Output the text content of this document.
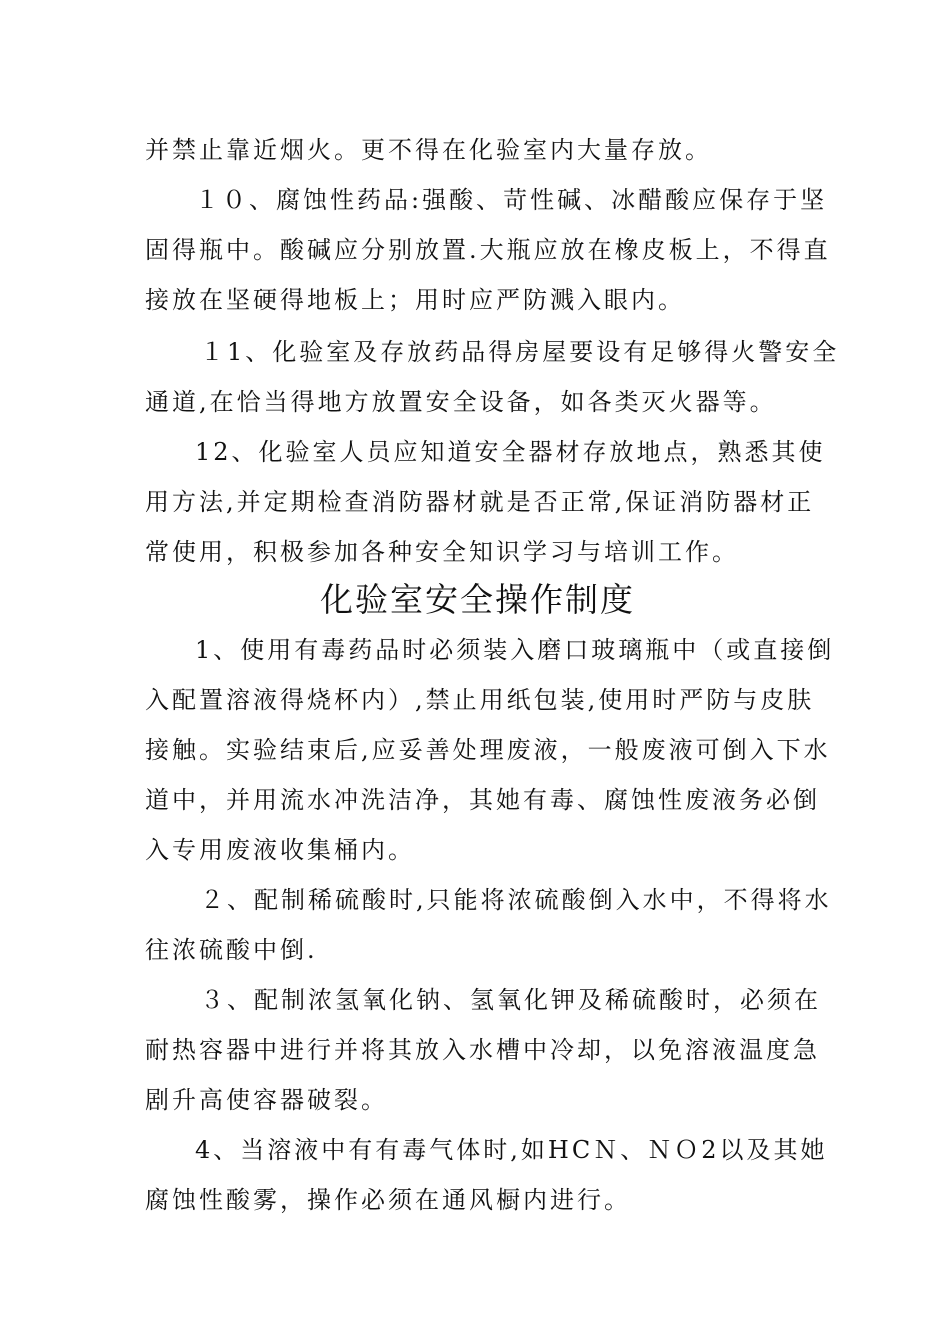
并禁止靠近烟火。更不得在化验室内大量存放。

１０、腐蚀性药品:强酸、苛性碱、冰醋酸应保存于坚
固得瓶中。酸碱应分别放置.大瓶应放在橡皮板上，不得直
接放在坚硬得地板上；用时应严防溅入眼内。

１1、化验室及存放药品得房屋要设有足够得火警安全
通道,在恰当得地方放置安全设备，如各类灭火器等。

12、化验室人员应知道安全器材存放地点，熟悉其使
用方法,并定期检查消防器材就是否正常,保证消防器材正
常使用，积极参加各种安全知识学习与培训工作。

化验室安全操作制度

1、使用有毒药品时必须装入磨口玻璃瓶中（或直接倒
入配置溶液得烧杯内）,禁止用纸包装,使用时严防与皮肤
接触。实验结束后,应妥善处理废液，一般废液可倒入下水
道中，并用流水冲洗洁净，其她有毒、腐蚀性废液务必倒
入专用废液收集桶内。

２、配制稀硫酸时,只能将浓硫酸倒入水中，不得将水
往浓硫酸中倒.

３、配制浓氢氧化钠、氢氧化钾及稀硫酸时，必须在
耐热容器中进行并将其放入水槽中冷却，以免溶液温度急
剧升高使容器破裂。

4、当溶液中有有毒气体时,如HCＮ、ＮＯ2以及其她
腐蚀性酸雾，操作必须在通风橱内进行。
